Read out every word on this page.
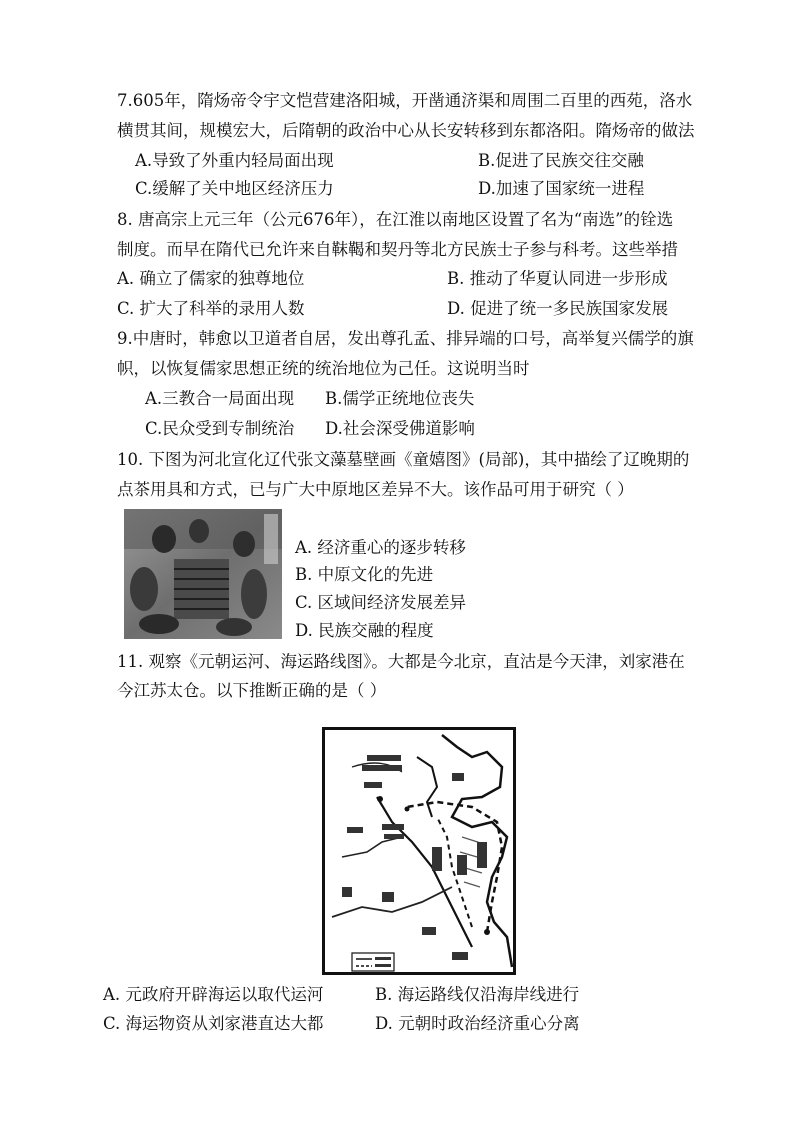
7.605年，隋炀帝令宇文恺营建洛阳城，开凿通济渠和周围二百里的西苑，洛水
横贯其间，规模宏大，后隋朝的政治中心从长安转移到东都洛阳。隋炀帝的做法
A.导致了外重内轻局面出现	B.促进了民族交往交融
C.缓解了关中地区经济压力	D.加速了国家统一进程
8. 唐高宗上元三年（公元676年），在江淮以南地区设置了名为“南选”的铨选
制度。而早在隋代已允许来自靺鞨和契丹等北方民族士子参与科考。这些举措
A. 确立了儒家的独尊地位	B. 推动了华夏认同进一步形成
C. 扩大了科举的录用人数	D. 促进了统一多民族国家发展
9.中唐时，韩愈以卫道者自居，发出尊孔孟、排异端的口号，高举复兴儒学的旗
帜，以恢复儒家思想正统的统治地位为己任。这说明当时
A.三教合一局面出现 B.儒学正统地位丧失
C.民众受到专制统治 D.社会深受佛道影响
10. 下图为河北宣化辽代张文藻墓壁画《童嬉图》(局部)，其中描绘了辽晚期的
点茶用具和方式，已与广大中原地区差异不大。该作品可用于研究（ ）
A. 经济重心的逐步转移
B. 中原文化的先进
C. 区域间经济发展差异
D. 民族交融的程度
11. 观察《元朝运河、海运路线图》。大都是今北京，直沽是今天津，刘家港在
今江苏太仓。以下推断正确的是（ ）
A. 元政府开辟海运以取代运河	B. 海运路线仅沿海岸线进行
C. 海运物资从刘家港直达大都	D. 元朝时政治经济重心分离
